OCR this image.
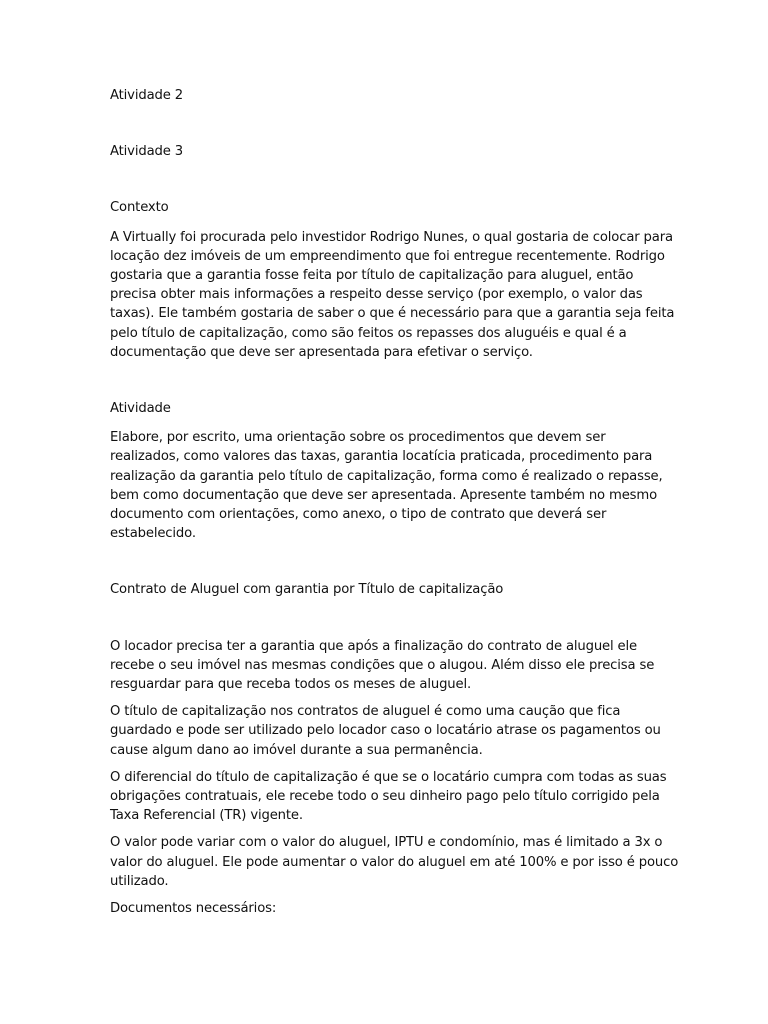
Atividade 2
Atividade 3
Contexto
A Virtually foi procurada pelo investidor Rodrigo Nunes, o qual gostaria de colocar para
locação dez imóveis de um empreendimento que foi entregue recentemente. Rodrigo
gostaria que a garantia fosse feita por título de capitalização para aluguel, então
precisa obter mais informações a respeito desse serviço (por exemplo, o valor das
taxas). Ele também gostaria de saber o que é necessário para que a garantia seja feita
pelo título de capitalização, como são feitos os repasses dos aluguéis e qual é a
documentação que deve ser apresentada para efetivar o serviço.
Atividade
Elabore, por escrito, uma orientação sobre os procedimentos que devem ser
realizados, como valores das taxas, garantia locatícia praticada, procedimento para
realização da garantia pelo título de capitalização, forma como é realizado o repasse,
bem como documentação que deve ser apresentada. Apresente também no mesmo
documento com orientações, como anexo, o tipo de contrato que deverá ser
estabelecido.
Contrato de Aluguel com garantia por Título de capitalização
O locador precisa ter a garantia que após a finalização do contrato de aluguel ele
recebe o seu imóvel nas mesmas condições que o alugou. Além disso ele precisa se
resguardar para que receba todos os meses de aluguel.
O título de capitalização nos contratos de aluguel é como uma caução que fica
guardado e pode ser utilizado pelo locador caso o locatário atrase os pagamentos ou
cause algum dano ao imóvel durante a sua permanência.
O diferencial do título de capitalização é que se o locatário cumpra com todas as suas
obrigações contratuais, ele recebe todo o seu dinheiro pago pelo título corrigido pela
Taxa Referencial (TR) vigente.
O valor pode variar com o valor do aluguel, IPTU e condomínio, mas é limitado a 3x o
valor do aluguel. Ele pode aumentar o valor do aluguel em até 100% e por isso é pouco
utilizado.
Documentos necessários:
